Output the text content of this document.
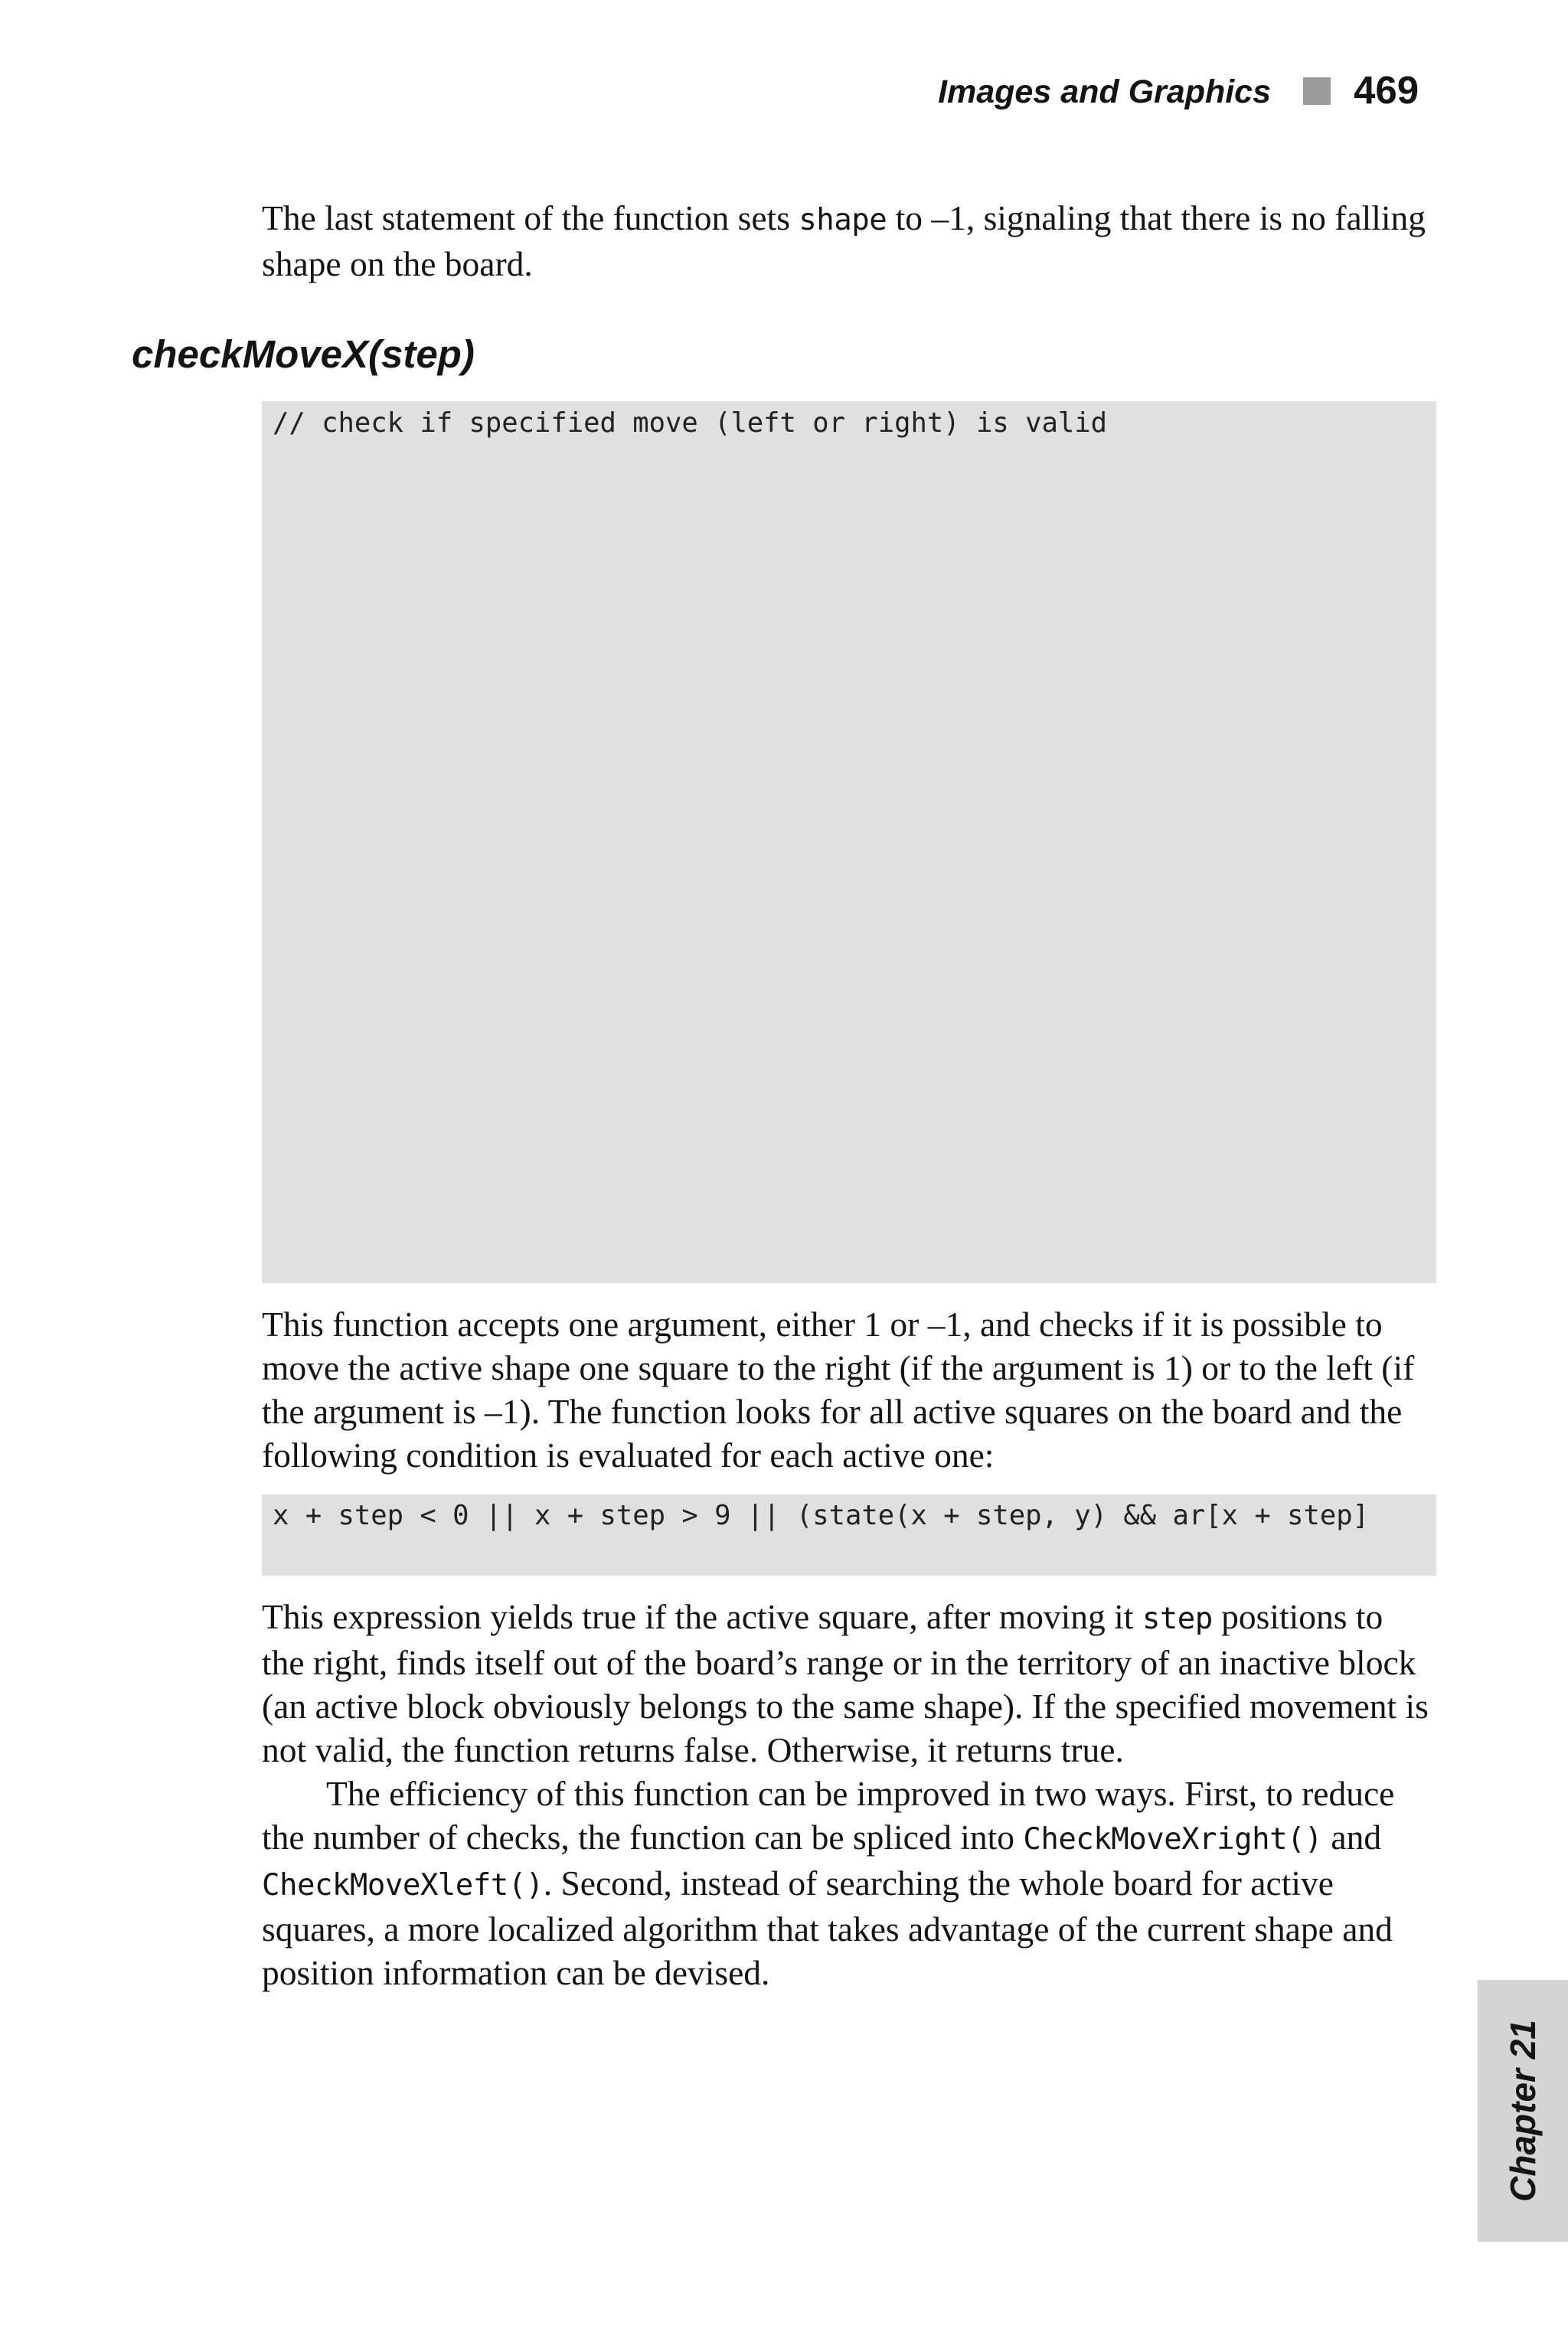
Images and Graphics 469

The last statement of the function sets shape to –1, signaling that there is no falling shape on the board.

checkMoveX(step)
// check if specified move (left or right) is valid

This function accepts one argument, either 1 or –1, and checks if it is possible to move the active shape one square to the right (if the argument is 1) or to the left (if the argument is –1). The function looks for all active squares on the board and the following condition is evaluated for each active one:

x + step < 0 || x + step > 9 || (state(x + step, y) && ar[x + step]

This expression yields true if the active square, after moving it step positions to the right, finds itself out of the board’s range or in the territory of an inactive block (an active block obviously belongs to the same shape). If the specified movement is not valid, the function returns false. Otherwise, it returns true.

The efficiency of this function can be improved in two ways. First, to reduce the number of checks, the function can be spliced into CheckMoveXright() and CheckMoveXleft(). Second, instead of searching the whole board for active squares, a more localized algorithm that takes advantage of the current shape and position information can be devised.

Chapter 21
